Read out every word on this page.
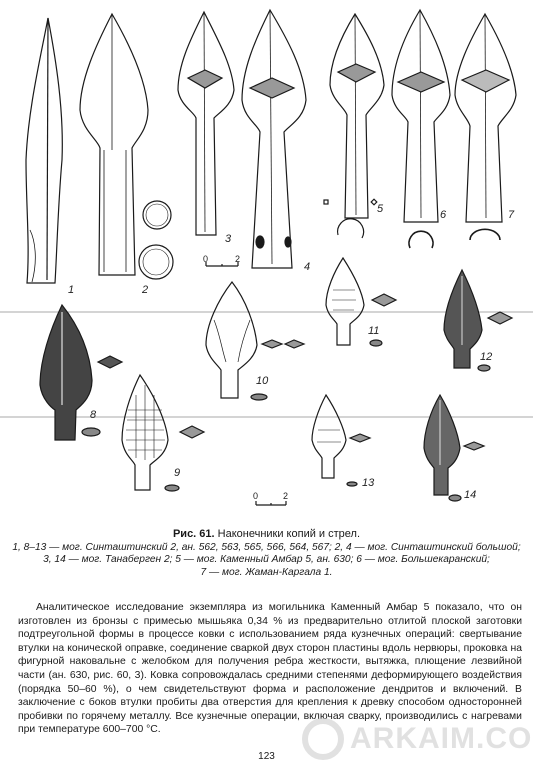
1	2
3
4
5	6	7
8
9
10
11
12
13
14
0	2
0	2
Рис. 61. Наконечники копий и стрел.
1, 8–13 — мог. Синташтинский 2, ан. 562, 563, 565, 566, 564, 567; 2, 4 — мог. Синташтинский большой;
3, 14 — мог. Танаберген 2; 5 — мог. Каменный Амбар 5, ан. 630; 6 — мог. Большекаранский;
7 — мог. Жаман-Каргала 1.

Аналитическое исследование экземпляра из могильника Каменный Амбар 5 показало, что он изготовлен из бронзы с примесью мышьяка 0,34 % из предварительно отлитой плоской заготовки подтреугольной формы в процессе ковки с использованием ряда кузнечных операций: свертывание втулки на конической оправке, соединение сваркой двух сторон пластины вдоль нервюры, проковка на фигурной наковальне с желобком для получения ребра жесткости, вытяжка, плющение лезвийной части (ан. 630, рис. 60, 3). Ковка сопровождалась средними степенями деформирующего воздействия (порядка 50–60 %), о чем свидетельствуют форма и расположение дендритов и включений. В заключение с боков втулки пробиты два отверстия для крепления к древку способом односторонней пробивки по горячему металлу. Все кузнечные операции, включая сварку, производились с нагревами при температуре 600–700 °С.	ARKAIM.CO
123
